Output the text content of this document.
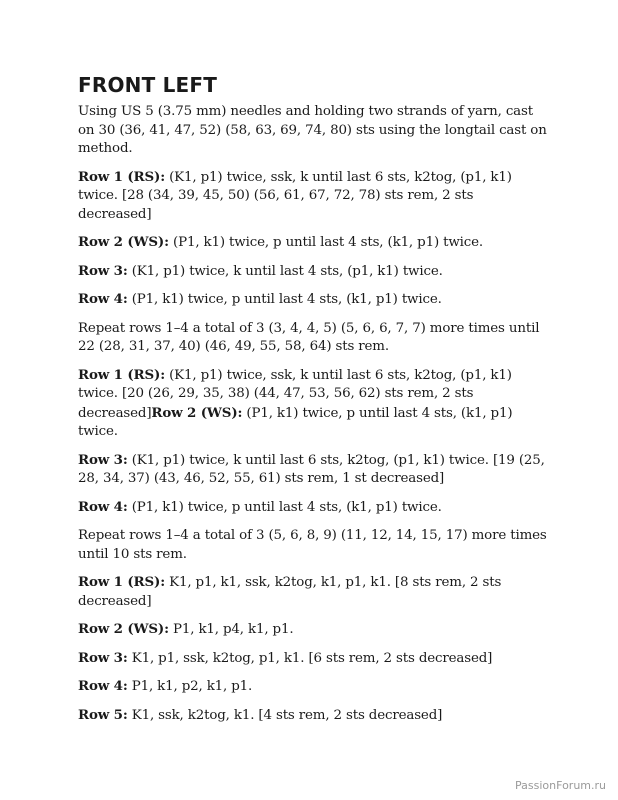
FRONT LEFT

Using US 5 (3.75 mm) needles and holding two strands of yarn, cast on 30 (36, 41, 47, 52) (58, 63, 69, 74, 80) sts using the longtail cast on method.

Row 1 (RS): (K1, p1) twice, ssk, k until last 6 sts, k2tog, (p1, k1) twice. [28 (34, 39, 45, 50) (56, 61, 67, 72, 78) sts rem, 2 sts decreased]

Row 2 (WS): (P1, k1) twice, p until last 4 sts, (k1, p1) twice.

Row 3: (K1, p1) twice, k until last 4 sts, (p1, k1) twice.

Row 4: (P1, k1) twice, p until last 4 sts, (k1, p1) twice.

Repeat rows 1–4 a total of 3 (3, 4, 4, 5) (5, 6, 6, 7, 7) more times until 22 (28, 31, 37, 40) (46, 49, 55, 58, 64) sts rem.

Row 1 (RS): (K1, p1) twice, ssk, k until last 6 sts, k2tog, (p1, k1) twice. [20 (26, 29, 35, 38) (44, 47, 53, 56, 62) sts rem, 2 sts decreased]Row 2 (WS): (P1, k1) twice, p until last 4 sts, (k1, p1) twice.

Row 3: (K1, p1) twice, k until last 6 sts, k2tog, (p1, k1) twice. [19 (25, 28, 34, 37) (43, 46, 52, 55, 61) sts rem, 1 st decreased]

Row 4: (P1, k1) twice, p until last 4 sts, (k1, p1) twice.

Repeat rows 1–4 a total of 3 (5, 6, 8, 9) (11, 12, 14, 15, 17) more times until 10 sts rem.

Row 1 (RS): K1, p1, k1, ssk, k2tog, k1, p1, k1. [8 sts rem, 2 sts decreased]

Row 2 (WS): P1, k1, p4, k1, p1.

Row 3: K1, p1, ssk, k2tog, p1, k1. [6 sts rem, 2 sts decreased]

Row 4: P1, k1, p2, k1, p1.

Row 5: K1, ssk, k2tog, k1. [4 sts rem, 2 sts decreased]

PassionForum.ru
